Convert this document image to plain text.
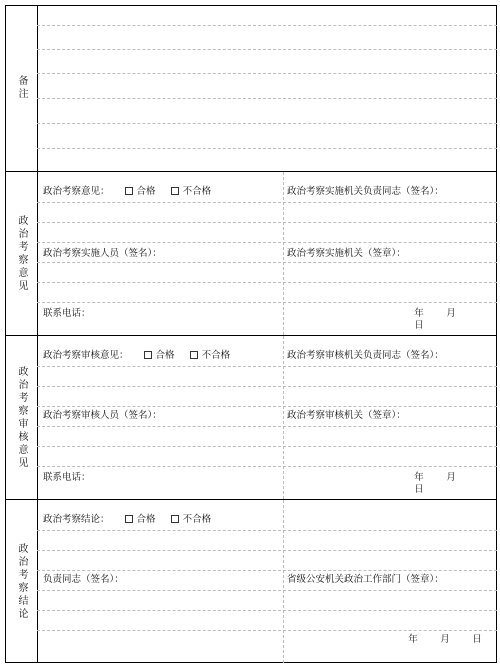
备注
政治考察意见
政治考察意见：	合格	不合格	政治考察实施机关负责同志（签名）：
政治考察实施人员（签名）：	政治考察实施机关（签章）：
联系电话：	年 月日
政治考察审核意见
政治考察审核意见：	合格	不合格	政治考察审核机关负责同志（签名）：
政治考察审核人员（签名）：	政治考察审核机关（签章）：
联系电话：	年 月日
政治考察结论
政治考察结论：	合格	不合格
负责同志（签名）：	省级公安机关政治工作部门（签章）：
年 月 日
